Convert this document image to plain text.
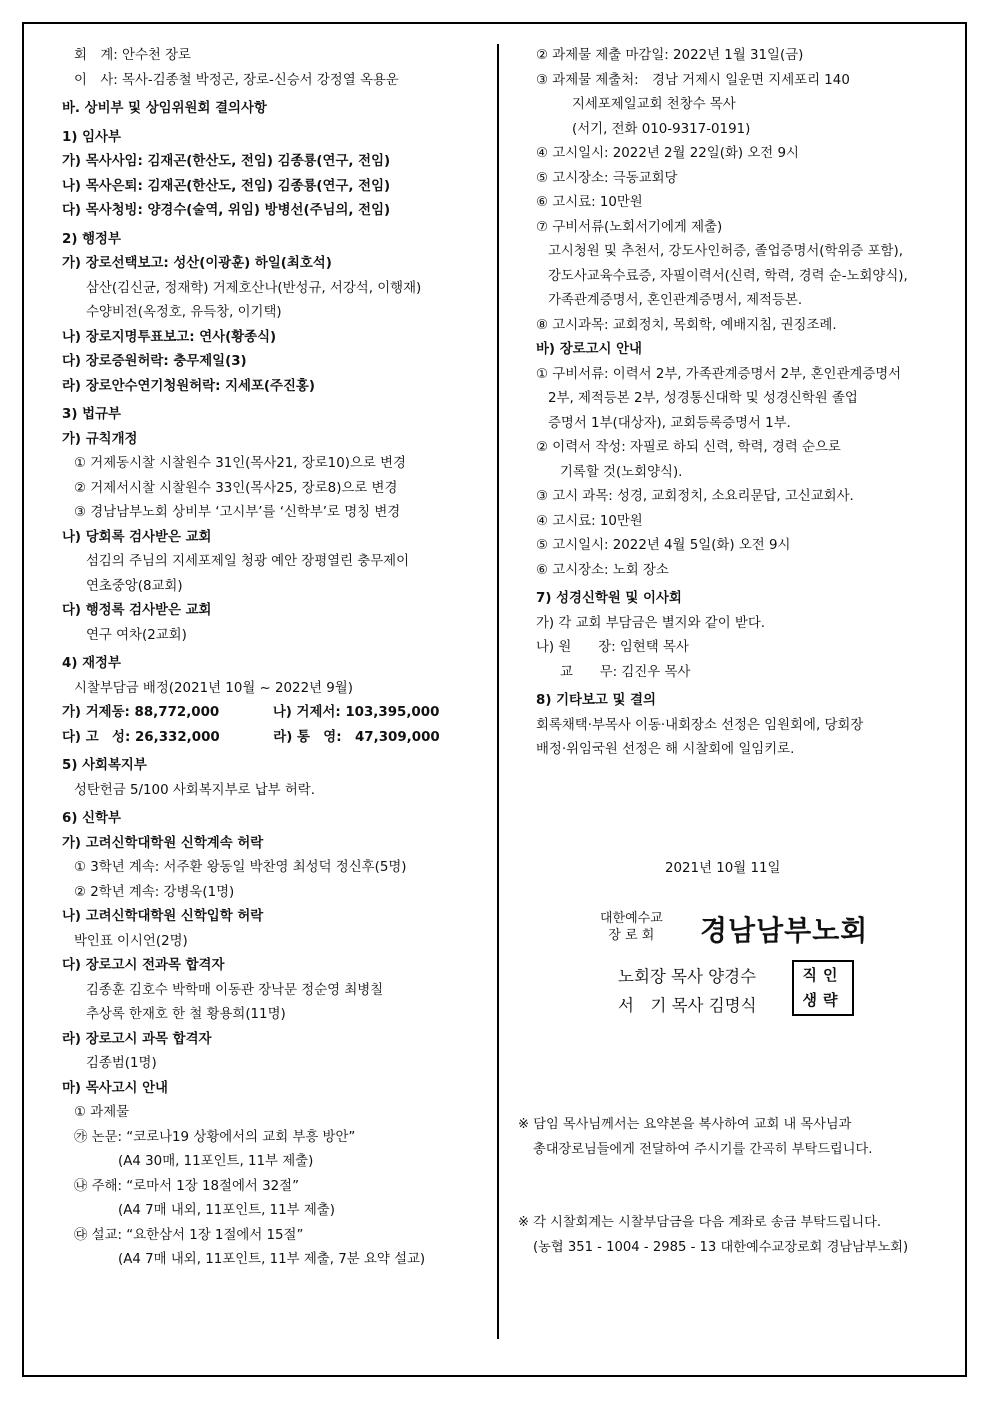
회　계: 안수천 장로
이　사: 목사-김종철 박정곤, 장로-신승서 강정열 옥용운
바. 상비부 및 상임위원회 결의사항
1) 임사부
가) 목사사임: 김재곤(한산도, 전임) 김종룡(연구, 전임)
나) 목사은퇴: 김재곤(한산도, 전임) 김종룡(연구, 전임)
다) 목사청빙: 양경수(술역, 위임) 방병선(주님의, 전임)
2) 행정부
가) 장로선택보고: 성산(이광훈) 하일(최호석)
삼산(김신균, 정재학) 거제호산나(반성규, 서강석, 이행재)
수양비전(옥정호, 유득창, 이기택)
나) 장로지명투표보고: 연사(황종식)
다) 장로증원허락: 충무제일(3)
라) 장로안수연기청원허락: 지세포(주진홍)
3) 법규부
가) 규칙개정
① 거제동시찰 시찰원수 31인(목사21, 장로10)으로 변경
② 거제서시찰 시찰원수 33인(목사25, 장로8)으로 변경
③ 경남남부노회 상비부 ‘고시부’를 ‘신학부’로 명칭 변경
나) 당회록 검사받은 교회
섬김의 주님의 지세포제일 청광 예안 장평열린 충무제이
연초중앙(8교회)
다) 행정록 검사받은 교회
연구 여차(2교회)
4) 재정부
시찰부담금 배정(2021년 10월 ~ 2022년 9월)
가) 거제동: 88,772,000　　　　나) 거제서: 103,395,000
다) 고　성: 26,332,000　　　　라) 통　영:　47,309,000
5) 사회복지부
성탄헌금 5/100 사회복지부로 납부 허락.
6) 신학부
가) 고려신학대학원 신학계속 허락
① 3학년 계속: 서주환 왕동일 박찬영 최성덕 정신후(5명)
② 2학년 계속: 강병욱(1명)
나) 고려신학대학원 신학입학 허락
박인표 이시언(2명)
다) 장로고시 전과목 합격자
김종훈 김호수 박학매 이동관 장낙문 정순영 최병칠
추상록 한재호 한 철 황용희(11명)
라) 장로고시 과목 합격자
김종범(1명)
마) 목사고시 안내
① 과제물
㉮ 논문: “코로나19 상황에서의 교회 부흥 방안”
(A4 30매, 11포인트, 11부 제출)
㉯ 주해: “로마서 1장 18절에서 32절”
(A4 7매 내외, 11포인트, 11부 제출)
㉰ 설교: “요한삼서 1장 1절에서 15절”
(A4 7매 내외, 11포인트, 11부 제출, 7분 요약 설교)
② 과제물 제출 마감일: 2022년 1월 31일(금)
③ 과제물 제출처:　경남 거제시 일운면 지세포리 140
지세포제일교회 천창수 목사
(서기, 전화 010-9317-0191)
④ 고시일시: 2022년 2월 22일(화) 오전 9시
⑤ 고시장소: 극동교회당
⑥ 고시료: 10만원
⑦ 구비서류(노회서기에게 제출)
고시청원 및 추천서, 강도사인허증, 졸업증명서(학위증 포함),
강도사교육수료증, 자필이력서(신력, 학력, 경력 순-노회양식),
가족관계증명서, 혼인관계증명서, 제적등본.
⑧ 고시과목: 교회정치, 목회학, 예배지침, 권징조례.
바) 장로고시 안내
① 구비서류: 이력서 2부, 가족관계증명서 2부, 혼인관계증명서
2부, 제적등본 2부, 성경통신대학 및 성경신학원 졸업
증명서 1부(대상자), 교회등록증명서 1부.
② 이력서 작성: 자필로 하되 신력, 학력, 경력 순으로
기록할 것(노회양식).
③ 고시 과목: 성경, 교회정치, 소요리문답, 고신교회사.
④ 고시료: 10만원
⑤ 고시일시: 2022년 4월 5일(화) 오전 9시
⑥ 고시장소: 노회 장소
7) 성경신학원 및 이사회
가) 각 교회 부담금은 별지와 같이 받다.
나) 원　　장: 임현택 목사
교　　무: 김진우 목사
8) 기타보고 및 결의
회록채택·부목사 이동·내회장소 선정은 임원회에, 당회장
배정·위임국원 선정은 해 시찰회에 일임키로.
2021년 10월 11일
대한예수교
장 로 회	경남남부노회
노회장 목사 양경수
서　기 목사 김명식
직인
생략
※ 담임 목사님께서는 요약본을 복사하여 교회 내 목사님과
총대장로님들에게 전달하여 주시기를 간곡히 부탁드립니다.
※ 각 시찰회계는 시찰부담금을 다음 계좌로 송금 부탁드립니다.
(농협 351 - 1004 - 2985 - 13 대한예수교장로회 경남남부노회)
